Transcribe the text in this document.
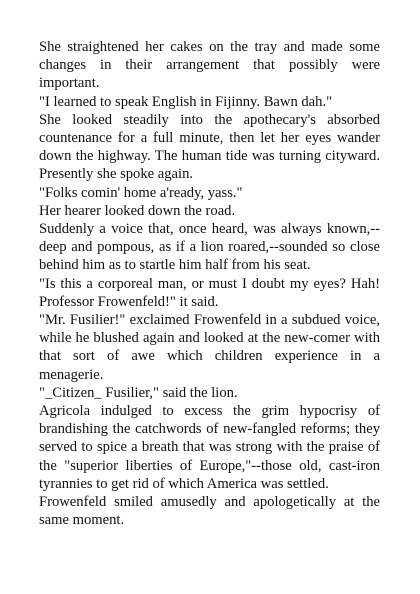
She straightened her cakes on the tray and made some changes in their arrangement that possibly were important.

"I learned to speak English in Fijinny. Bawn dah."

She looked steadily into the apothecary's absorbed countenance for a full minute, then let her eyes wander down the highway. The human tide was turning cityward. Presently she spoke again.

"Folks comin' home a'ready, yass."

Her hearer looked down the road.

Suddenly a voice that, once heard, was always known,--deep and pompous, as if a lion roared,--sounded so close behind him as to startle him half from his seat.

"Is this a corporeal man, or must I doubt my eyes? Hah! Professor Frowenfeld!" it said.

"Mr. Fusilier!" exclaimed Frowenfeld in a subdued voice, while he blushed again and looked at the new-comer with that sort of awe which children experience in a menagerie.

"_Citizen_ Fusilier," said the lion.

Agricola indulged to excess the grim hypocrisy of brandishing the catchwords of new-fangled reforms; they served to spice a breath that was strong with the praise of the "superior liberties of Europe,"--those old, cast-iron tyrannies to get rid of which America was settled.

Frowenfeld smiled amusedly and apologetically at the same moment.
